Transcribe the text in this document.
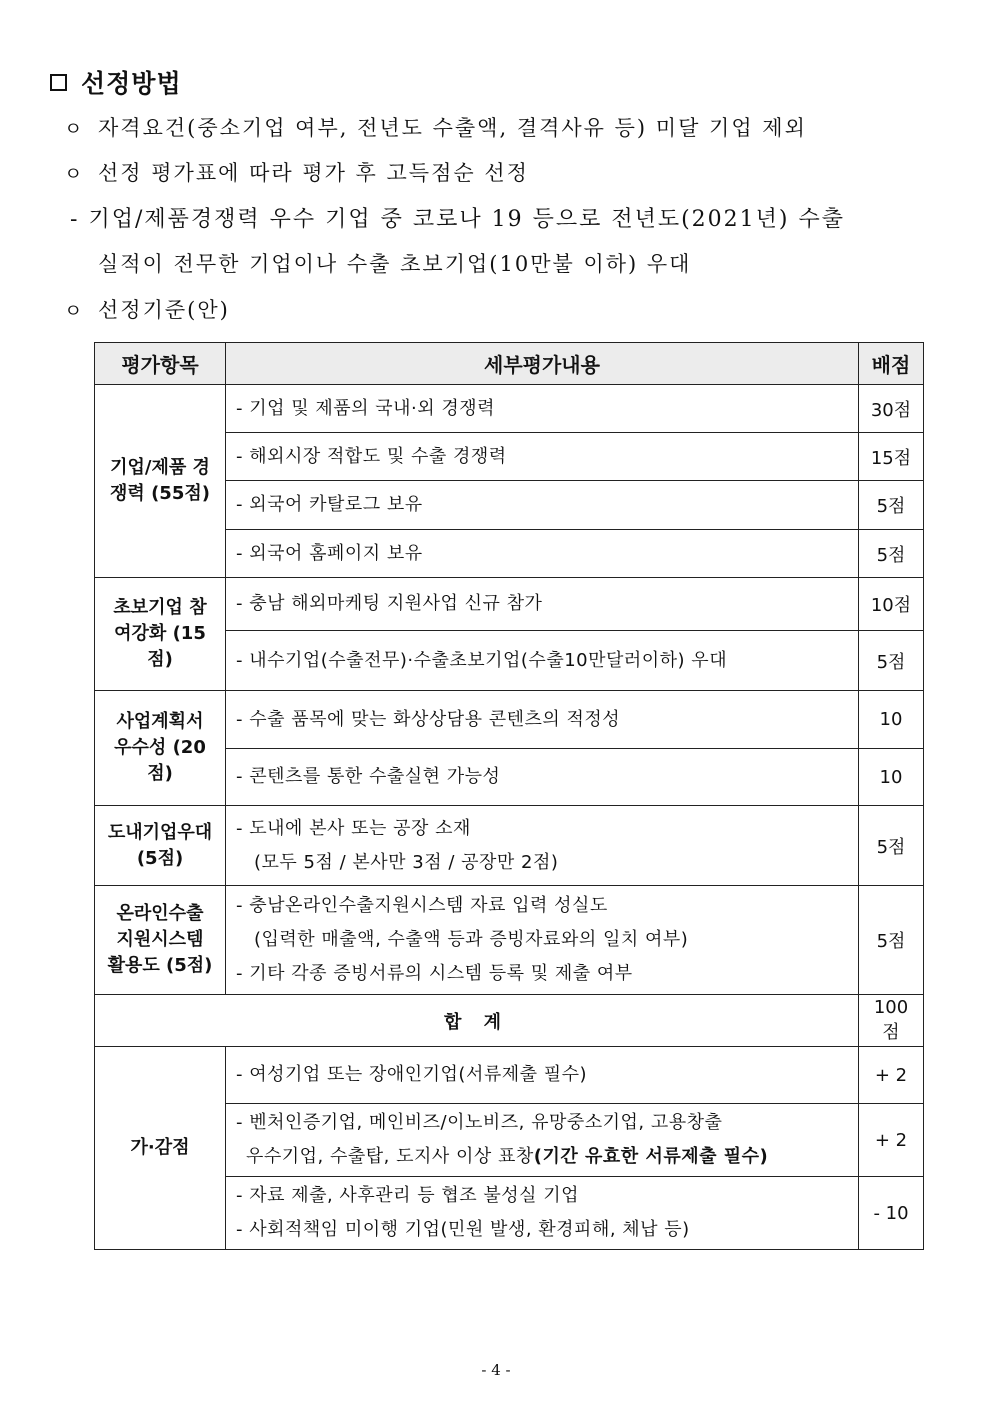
선정방법
ㅇ 자격요건(중소기업 여부, 전년도 수출액, 결격사유 등) 미달 기업 제외
ㅇ 선정 평가표에 따라 평가 후 고득점순 선정
- 기업/제품경쟁력 우수 기업 중 코로나 19 등으로 전년도(2021년) 수출
실적이 전무한 기업이나 수출 초보기업(10만불 이하) 우대
ㅇ 선정기준(안)
평가항목	세부평가내용	배점
기업/제품 경쟁력 (55점)	- 기업 및 제품의 국내·외 경쟁력	30점

	- 해외시장 적합도 및 수출 경쟁력	15점

	- 외국어 카탈로그 보유	5점

	- 외국어 홈페이지 보유	5점
초보기업 참여강화 (15점)	- 충남 해외마케팅 지원사업 신규 참가	10점

	- 내수기업(수출전무)·수출초보기업(수출10만달러이하) 우대	5점
사업계획서 우수성 (20점)	- 수출 품목에 맞는 화상상담용 콘텐츠의 적정성	10

	- 콘텐츠를 통한 수출실현 가능성	10
도내기업우대 (5점)	- 도내에 본사 또는 공장 소재
(모두 5점 / 본사만 3점 / 공장만 2점)	5점
온라인수출 지원시스템 활용도 (5점)	- 충남온라인수출지원시스템 자료 입력 성실도
(입력한 매출액, 수출액 등과 증빙자료와의 일치 여부)
- 기타 각종 증빙서류의 시스템 등록 및 제출 여부	5점
합 계		100점
가·감점	- 여성기업 또는 장애인기업(서류제출 필수)	+ 2

	- 벤처인증기업, 메인비즈/이노비즈, 유망중소기업, 고용창출
우수기업, 수출탑, 도지사 이상 표창(기간 유효한 서류제출 필수)	+ 2

	- 자료 제출, 사후관리 등 협조 불성실 기업
- 사회적책임 미이행 기업(민원 발생, 환경피해, 체납 등)	- 10
- 4 -
